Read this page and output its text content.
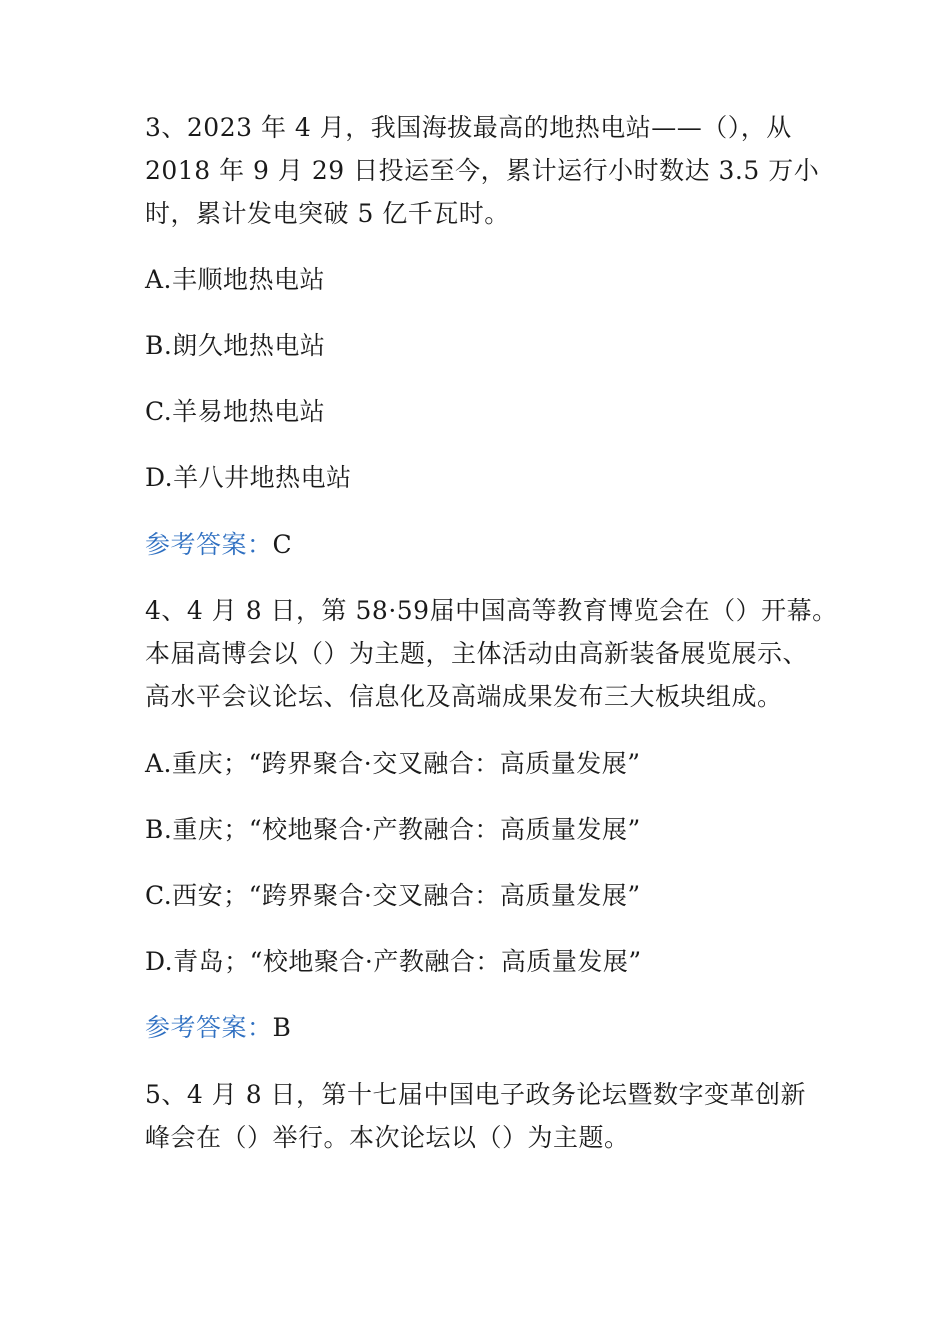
3、2023 年 4 月，我国海拔最高的地热电站——（），从
2018 年 9 月 29 日投运至今，累计运行小时数达 3.5 万小
时，累计发电突破 5 亿千瓦时。
A.丰顺地热电站
B.朗久地热电站
C.羊易地热电站
D.羊八井地热电站
参考答案：C
4、4 月 8 日，第 58·59届中国高等教育博览会在（）开幕。
本届高博会以（）为主题，主体活动由高新装备展览展示、
高水平会议论坛、信息化及高端成果发布三大板块组成。
A.重庆；“跨界聚合·交叉融合：高质量发展”
B.重庆；“校地聚合·产教融合：高质量发展”
C.西安；“跨界聚合·交叉融合：高质量发展”
D.青岛；“校地聚合·产教融合：高质量发展”
参考答案：B
5、4 月 8 日，第十七届中国电子政务论坛暨数字变革创新
峰会在（）举行。本次论坛以（）为主题。
